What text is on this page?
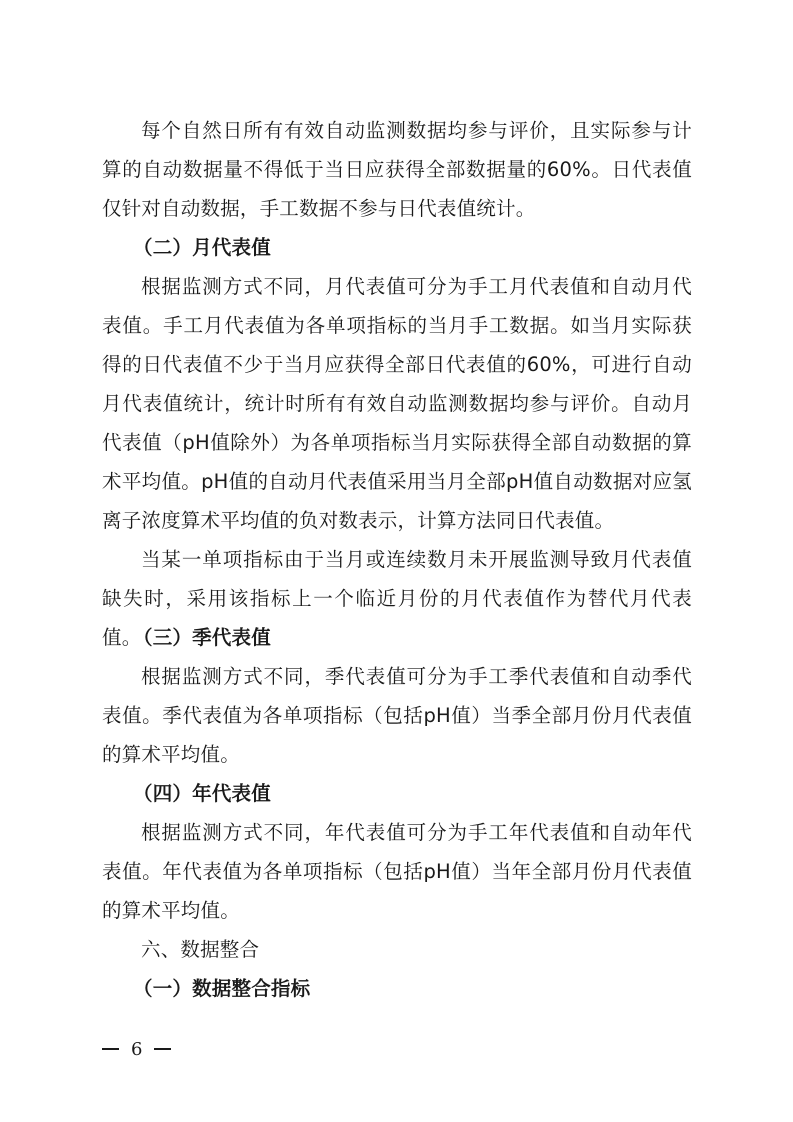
每个自然日所有有效自动监测数据均参与评价，且实际参与计算的自动数据量不得低于当日应获得全部数据量的60%。日代表值仅针对自动数据，手工数据不参与日代表值统计。

（二）月代表值

根据监测方式不同，月代表值可分为手工月代表值和自动月代表值。手工月代表值为各单项指标的当月手工数据。如当月实际获得的日代表值不少于当月应获得全部日代表值的60%，可进行自动月代表值统计，统计时所有有效自动监测数据均参与评价。自动月代表值（pH值除外）为各单项指标当月实际获得全部自动数据的算术平均值。pH值的自动月代表值采用当月全部pH值自动数据对应氢离子浓度算术平均值的负对数表示，计算方法同日代表值。

当某一单项指标由于当月或连续数月未开展监测导致月代表值缺失时，采用该指标上一个临近月份的月代表值作为替代月代表值。

（三）季代表值

根据监测方式不同，季代表值可分为手工季代表值和自动季代表值。季代表值为各单项指标（包括pH值）当季全部月份月代表值的算术平均值。

（四）年代表值

根据监测方式不同，年代表值可分为手工年代表值和自动年代表值。年代表值为各单项指标（包括pH值）当年全部月份月代表值的算术平均值。

六、数据整合

（一）数据整合指标

6
